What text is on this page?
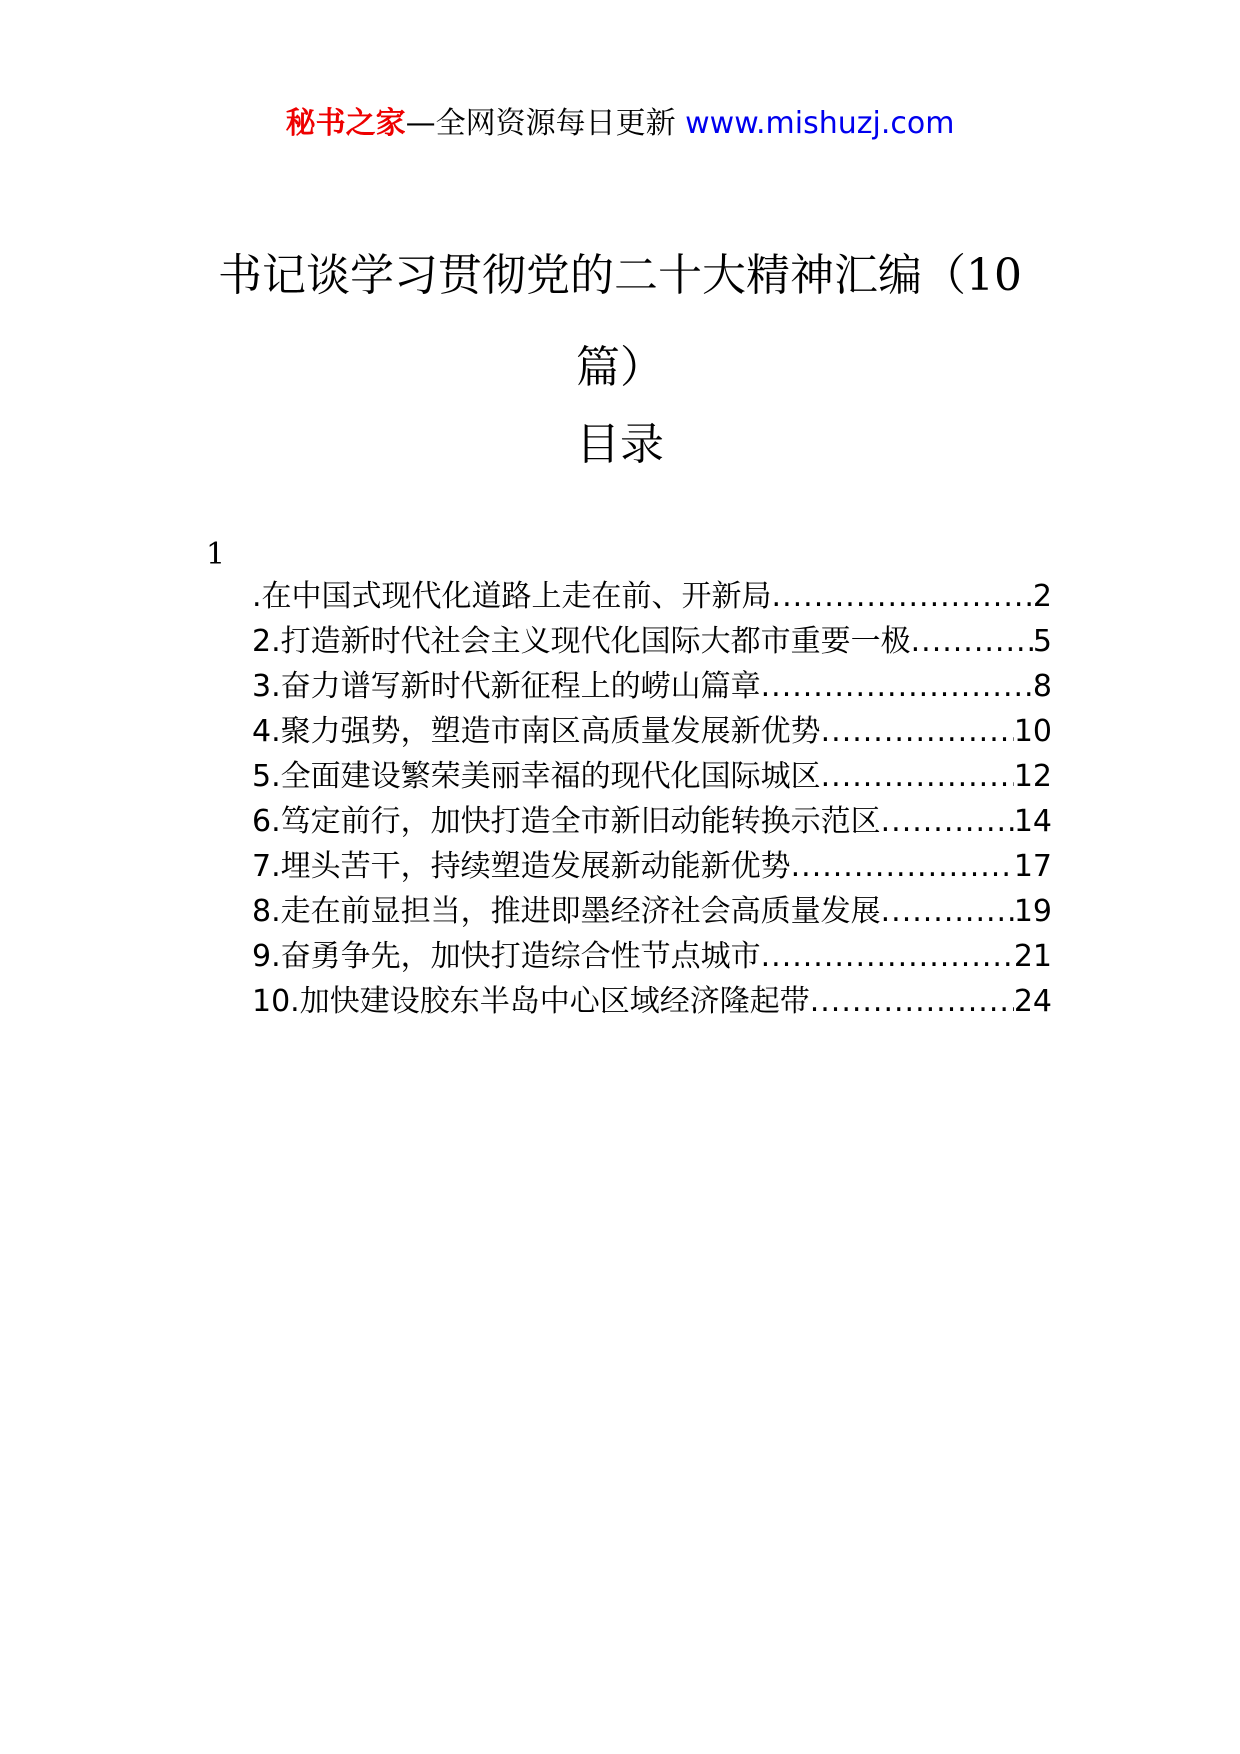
秘书之家—全网资源每日更新 www.mishuzj.com
书记谈学习贯彻党的二十大精神汇编（10篇）
目录
1
.在中国式现代化道路上走在前、开新局 .....	2
2.打造新时代社会主义现代化国际大都市重要一极 .....	5
3.奋力谱写新时代新征程上的崂山篇章 .....	8
4.聚力强势，塑造市南区高质量发展新优势 .....	10
5.全面建设繁荣美丽幸福的现代化国际城区 .....	12
6.笃定前行，加快打造全市新旧动能转换示范区 .....	14
7.埋头苦干，持续塑造发展新动能新优势 .....	17
8.走在前显担当，推进即墨经济社会高质量发展 .....	19
9.奋勇争先，加快打造综合性节点城市 .....	21
10.加快建设胶东半岛中心区域经济隆起带 .....	24
